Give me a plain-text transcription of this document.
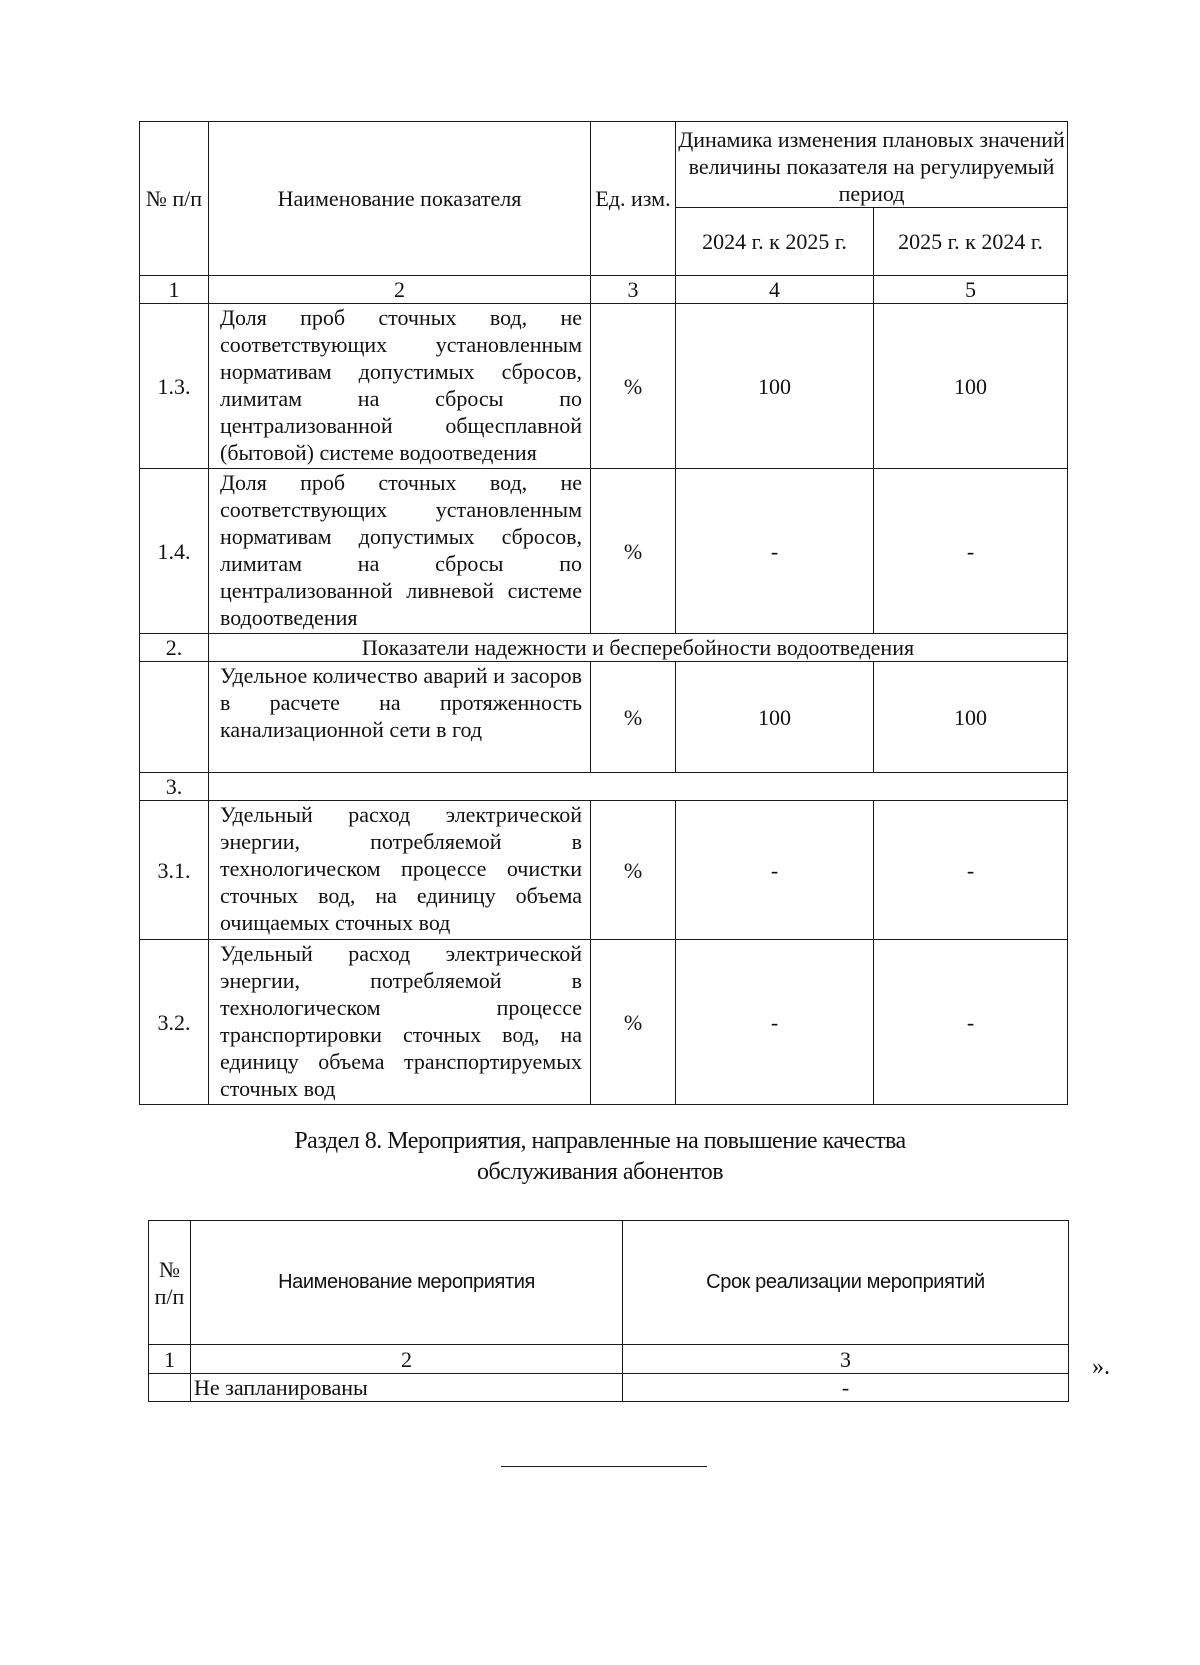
№ п/п	Наименование показателя	Ед. изм.	Динамика изменения плановых значений величины показателя на регулируемый период	
			2024 г. к 2025 г.	2025 г. к 2024 г.
1	2	3	4	5
1.3.	Доля проб сточных вод, не соответствующих установленным нормативам допустимых сбросов, лимитам на сбросы по централизованной общесплавной (бытовой) системе водоотведения	%	100	100
1.4.	Доля проб сточных вод, не соответствующих установленным нормативам допустимых сбросов, лимитам на сбросы по централизованной ливневой системе водоотведения	%	-	-
2.	Показатели надежности и бесперебойности водоотведения			
	Удельное количество аварий и засоров в расчете на протяженность канализационной сети в год	%	100	100
3.				
3.1.	Удельный расход электрической энергии, потребляемой в технологическом процессе очистки сточных вод, на единицу объема очищаемых сточных вод	%	-	-
3.2.	Удельный расход электрической энергии, потребляемой в технологическом процессе транспортировки сточных вод, на единицу объема транспортируемых сточных вод	%	-	-
Раздел 8. Мероприятия, направленные на повышение качества
обслуживания абонентов
№ п/п	Наименование мероприятия	Срок реализации мероприятий
1	2	3
	Не запланированы	-
».
